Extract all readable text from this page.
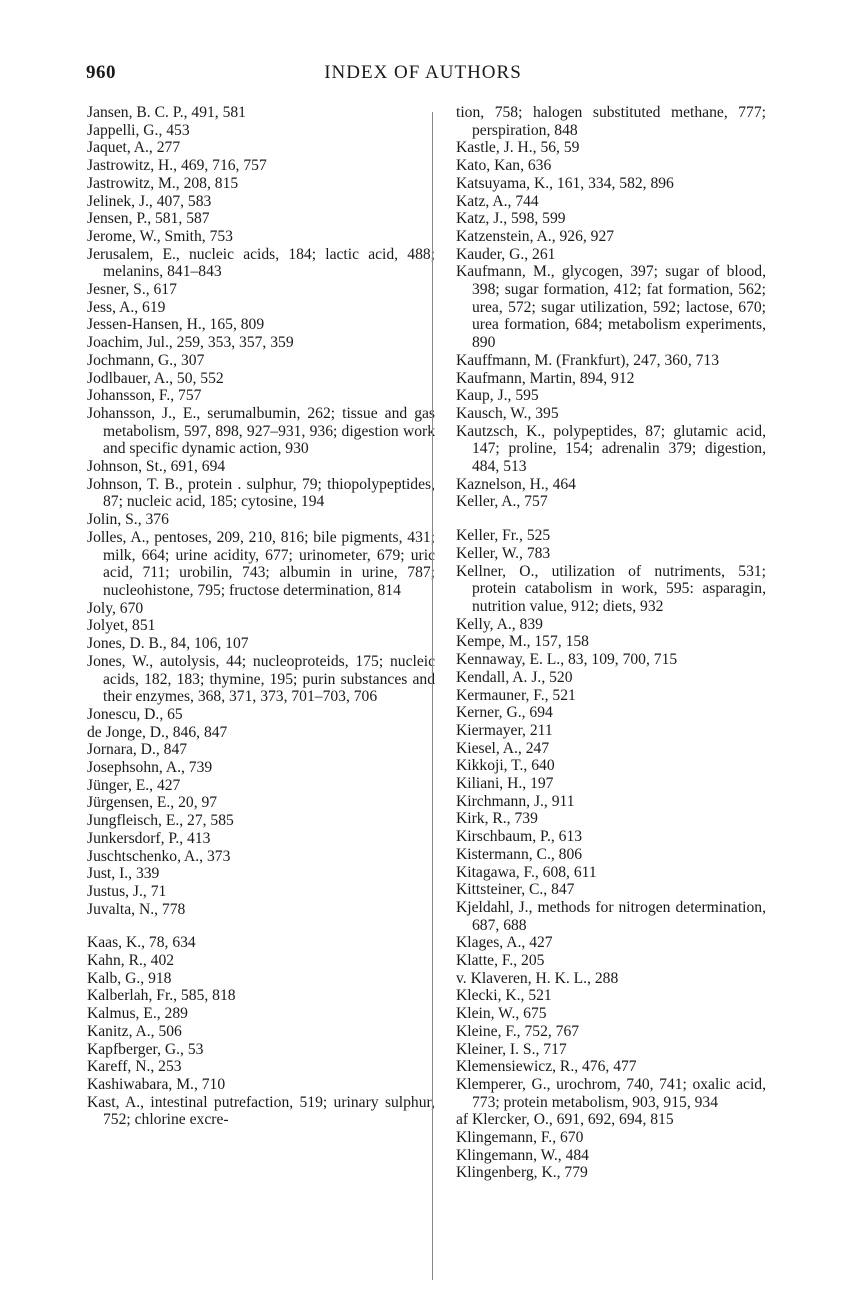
960	INDEX OF AUTHORS
Jansen, B. C. P., 491, 581
Jappelli, G., 453
Jaquet, A., 277
Jastrowitz, H., 469, 716, 757
Jastrowitz, M., 208, 815
Jelinek, J., 407, 583
Jensen, P., 581, 587
Jerome, W., Smith, 753
Jerusalem, E., nucleic acids, 184; lactic acid, 488; melanins, 841–843
Jesner, S., 617
Jess, A., 619
Jessen-Hansen, H., 165, 809
Joachim, Jul., 259, 353, 357, 359
Jochmann, G., 307
Jodlbauer, A., 50, 552
Johansson, F., 757
Johansson, J., E., serumalbumin, 262; tissue and gas metabolism, 597, 898, 927–931, 936; digestion work and specific dynamic action, 930
Johnson, St., 691, 694
Johnson, T. B., protein . sulphur, 79; thiopolypeptides, 87; nucleic acid, 185; cytosine, 194
Jolin, S., 376
Jolles, A., pentoses, 209, 210, 816; bile pigments, 431; milk, 664; urine acidity, 677; urinometer, 679; uric acid, 711; urobilin, 743; albumin in urine, 787; nucleohistone, 795; fructose determination, 814
Joly, 670
Jolyet, 851
Jones, D. B., 84, 106, 107
Jones, W., autolysis, 44; nucleoproteids, 175; nucleic acids, 182, 183; thymine, 195; purin substances and their enzymes, 368, 371, 373, 701–703, 706
Jonescu, D., 65
de Jonge, D., 846, 847
Jornara, D., 847
Josephsohn, A., 739
Jünger, E., 427
Jürgensen, E., 20, 97
Jungfleisch, E., 27, 585
Junkersdorf, P., 413
Juschtschenko, A., 373
Just, I., 339
Justus, J., 71
Juvalta, N., 778
Kaas, K., 78, 634
Kahn, R., 402
Kalb, G., 918
Kalberlah, Fr., 585, 818
Kalmus, E., 289
Kanitz, A., 506
Kapfberger, G., 53
Kareff, N., 253
Kashiwabara, M., 710
Kast, A., intestinal putrefaction, 519; urinary sulphur, 752; chlorine excre-
tion, 758; halogen substituted methane, 777; perspiration, 848
Kastle, J. H., 56, 59
Kato, Kan, 636
Katsuyama, K., 161, 334, 582, 896
Katz, A., 744
Katz, J., 598, 599
Katzenstein, A., 926, 927
Kauder, G., 261
Kaufmann, M., glycogen, 397; sugar of blood, 398; sugar formation, 412; fat formation, 562; urea, 572; sugar utilization, 592; lactose, 670; urea formation, 684; metabolism experiments, 890
Kauffmann, M. (Frankfurt), 247, 360, 713
Kaufmann, Martin, 894, 912
Kaup, J., 595
Kausch, W., 395
Kautzsch, K., polypeptides, 87; glutamic acid, 147; proline, 154; adrenalin 379; digestion, 484, 513
Kaznelson, H., 464
Keller, A., 757
Keller, Fr., 525
Keller, W., 783
Kellner, O., utilization of nutriments, 531; protein catabolism in work, 595: asparagin, nutrition value, 912; diets, 932
Kelly, A., 839
Kempe, M., 157, 158
Kennaway, E. L., 83, 109, 700, 715
Kendall, A. J., 520
Kermauner, F., 521
Kerner, G., 694
Kiermayer, 211
Kiesel, A., 247
Kikkoji, T., 640
Kiliani, H., 197
Kirchmann, J., 911
Kirk, R., 739
Kirschbaum, P., 613
Kistermann, C., 806
Kitagawa, F., 608, 611
Kittsteiner, C., 847
Kjeldahl, J., methods for nitrogen determination, 687, 688
Klages, A., 427
Klatte, F., 205
v. Klaveren, H. K. L., 288
Klecki, K., 521
Klein, W., 675
Kleine, F., 752, 767
Kleiner, I. S., 717
Klemensiewicz, R., 476, 477
Klemperer, G., urochrom, 740, 741; oxalic acid, 773; protein metabolism, 903, 915, 934
af Klercker, O., 691, 692, 694, 815
Klingemann, F., 670
Klingemann, W., 484
Klingenberg, K., 779
